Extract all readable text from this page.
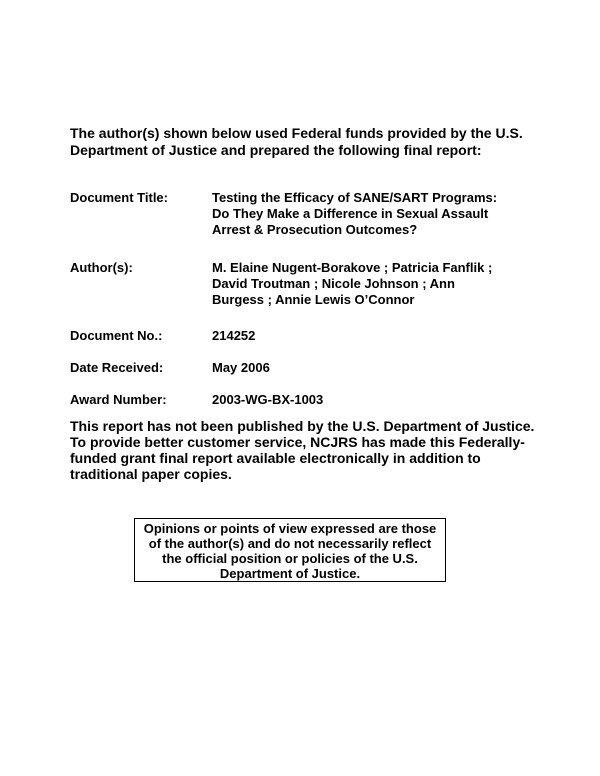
The author(s) shown below used Federal funds provided by the U.S. Department of Justice and prepared the following final report:

Document Title:	Testing the Efficacy of SANE/SART Programs:
Do They Make a Difference in Sexual Assault
Arrest & Prosecution Outcomes?
Author(s):	M. Elaine Nugent-Borakove ; Patricia Fanflik ;
David Troutman ; Nicole Johnson ; Ann
Burgess ; Annie Lewis O’Connor
Document No.:	214252
Date Received:	May 2006
Award Number:	2003-WG-BX-1003

This report has not been published by the U.S. Department of Justice. To provide better customer service, NCJRS has made this Federally-funded grant final report available electronically in addition to traditional paper copies.

Opinions or points of view expressed are those of the author(s) and do not necessarily reflect the official position or policies of the U.S. Department of Justice.
